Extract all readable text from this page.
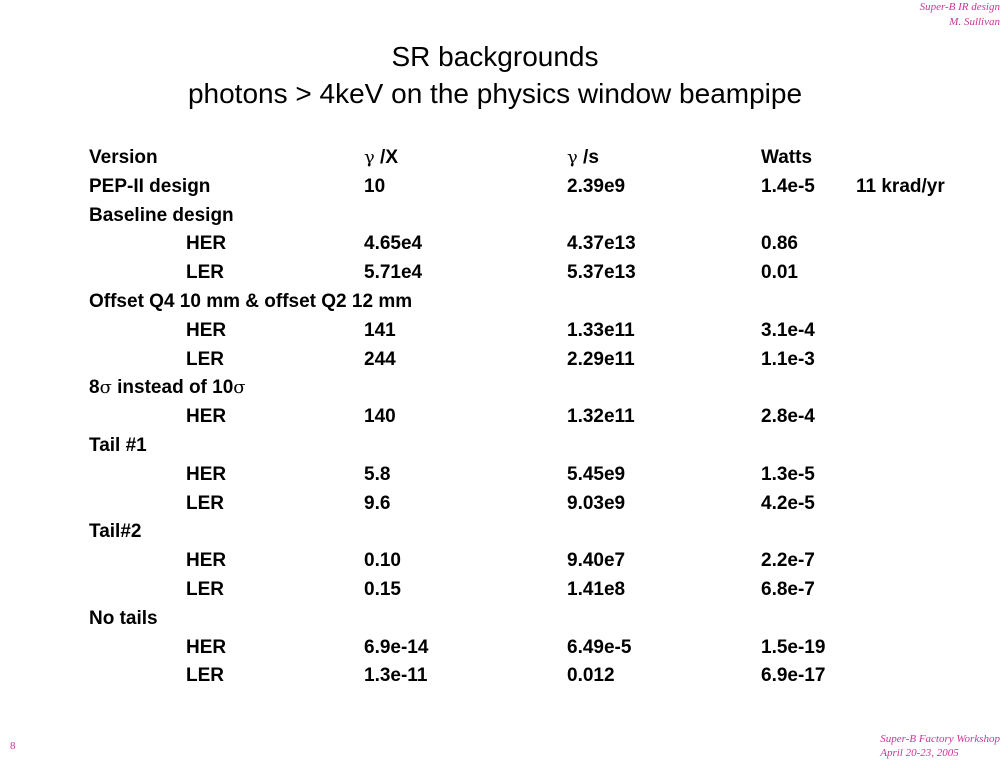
Super-B IR design
M. Sullivan
SR backgrounds
photons > 4keV on the physics window beampipe
Version	γ /X	γ /s	Watts
PEP-II design	10	2.39e9	1.4e-5 11 krad/yr
Baseline design
HER	4.65e4	4.37e13	0.86
LER	5.71e4	5.37e13	0.01
Offset Q4 10 mm & offset Q2 12 mm
HER	141	1.33e11	3.1e-4
LER	244	2.29e11	1.1e-3
8σ instead of 10σ
HER	140	1.32e11	2.8e-4
Tail #1
HER	5.8	5.45e9	1.3e-5
LER	9.6	9.03e9	4.2e-5
Tail#2
HER	0.10	9.40e7	2.2e-7
LER	0.15	1.41e8	6.8e-7
No tails
HER	6.9e-14	6.49e-5	1.5e-19
LER	1.3e-11	0.012	6.9e-17
8
Super-B Factory Workshop
April 20-23, 2005
